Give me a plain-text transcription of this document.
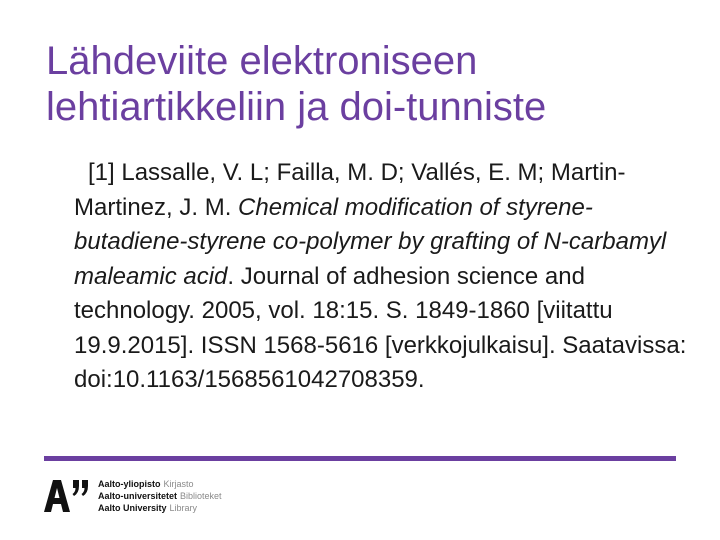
Lähdeviite elektroniseen lehtiartikkeliin ja doi-tunniste

[1] Lassalle, V. L; Failla, M. D; Vallés, E. M; Martin-Martinez, J. M. Chemical modification of styrene-butadiene-styrene co-polymer by grafting of N-carbamyl maleamic acid. Journal of adhesion science and technology. 2005, vol. 18:15. S. 1849-1860 [viitattu 19.9.2015]. ISSN 1568-5616 [verkkojulkaisu]. Saatavissa: doi:10.1163/1568561042708359.

Aalto-yliopisto Kirjasto
Aalto-universitetet Biblioteket
Aalto University Library
